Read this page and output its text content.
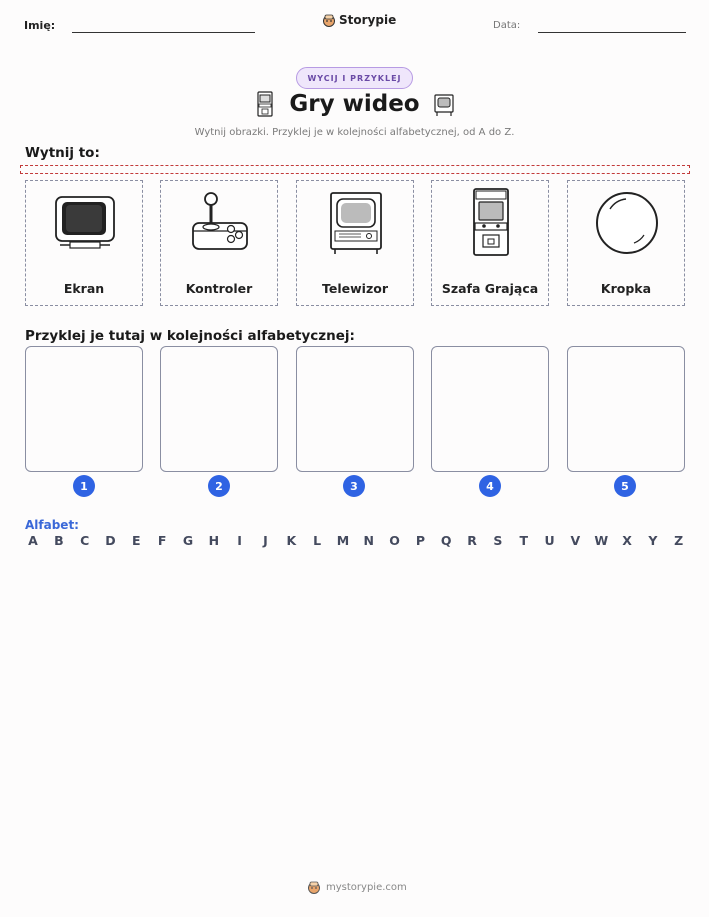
Imię:	Storypie	Data:
WYCIJ I PRZYKLEJ
Gry wideo
Wytnij obrazki. Przyklej je w kolejności alfabetycznej, od A do Z.
Wytnij to:
Ekran	Kontroler	Telewizor	Szafa Grająca	Kropka
Przyklej je tutaj w kolejności alfabetycznej:
1	2	3	4	5
Alfabet:
A B C D E F G H	I	J	K L M N O P Q R S T U V W X Y Z
mystorypie.com
